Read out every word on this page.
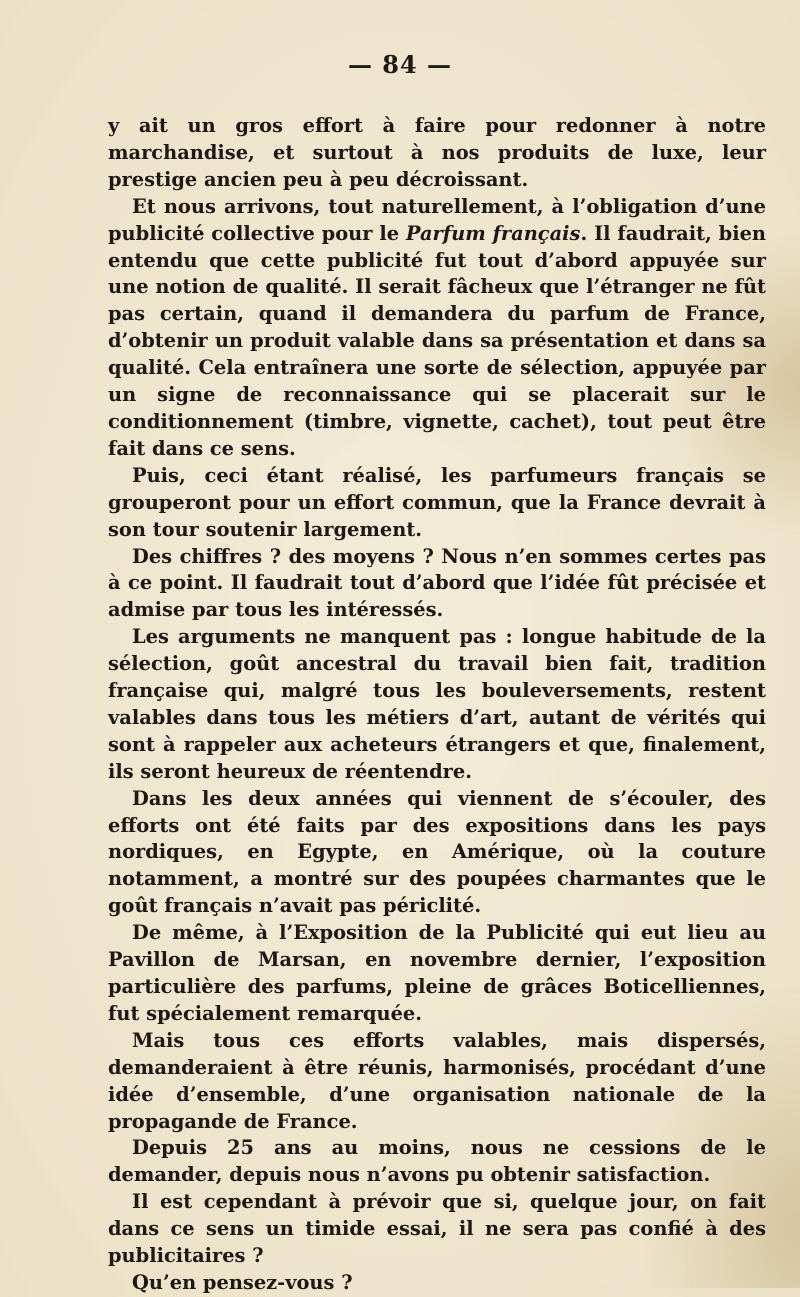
— 84 —

y ait un gros effort à faire pour redonner à notre marchandise, et surtout à nos produits de luxe, leur prestige ancien peu à peu décroissant.

Et nous arrivons, tout naturellement, à l’obligation d’une publicité collective pour le Parfum français. Il faudrait, bien entendu que cette publicité fut tout d’abord appuyée sur une notion de qualité. Il serait fâcheux que l’étranger ne fût pas certain, quand il demandera du parfum de France, d’obtenir un produit valable dans sa présentation et dans sa qualité. Cela entraînera une sorte de sélection, appuyée par un signe de reconnaissance qui se placerait sur le conditionnement (timbre, vignette, cachet), tout peut être fait dans ce sens.

Puis, ceci étant réalisé, les parfumeurs français se grouperont pour un effort commun, que la France devrait à son tour soutenir largement.

Des chiffres ? des moyens ? Nous n’en sommes certes pas à ce point. Il faudrait tout d’abord que l’idée fût précisée et admise par tous les intéressés.

Les arguments ne manquent pas : longue habitude de la sélection, goût ancestral du travail bien fait, tradition française qui, malgré tous les bouleversements, restent valables dans tous les métiers d’art, autant de vérités qui sont à rappeler aux acheteurs étrangers et que, finalement, ils seront heureux de réentendre.

Dans les deux années qui viennent de s’écouler, des efforts ont été faits par des expositions dans les pays nordiques, en Egypte, en Amérique, où la couture notamment, a montré sur des poupées charmantes que le goût français n’avait pas périclité.

De même, à l’Exposition de la Publicité qui eut lieu au Pavillon de Marsan, en novembre dernier, l’exposition particulière des parfums, pleine de grâces Boticelliennes, fut spécialement remarquée.

Mais tous ces efforts valables, mais dispersés, demanderaient à être réunis, harmonisés, procédant d’une idée d’ensemble, d’une organisation nationale de la propagande de France.

Depuis 25 ans au moins, nous ne cessions de le demander, depuis nous n’avons pu obtenir satisfaction.

Il est cependant à prévoir que si, quelque jour, on fait dans ce sens un timide essai, il ne sera pas confié à des publicitaires ?

Qu’en pensez-vous ?
